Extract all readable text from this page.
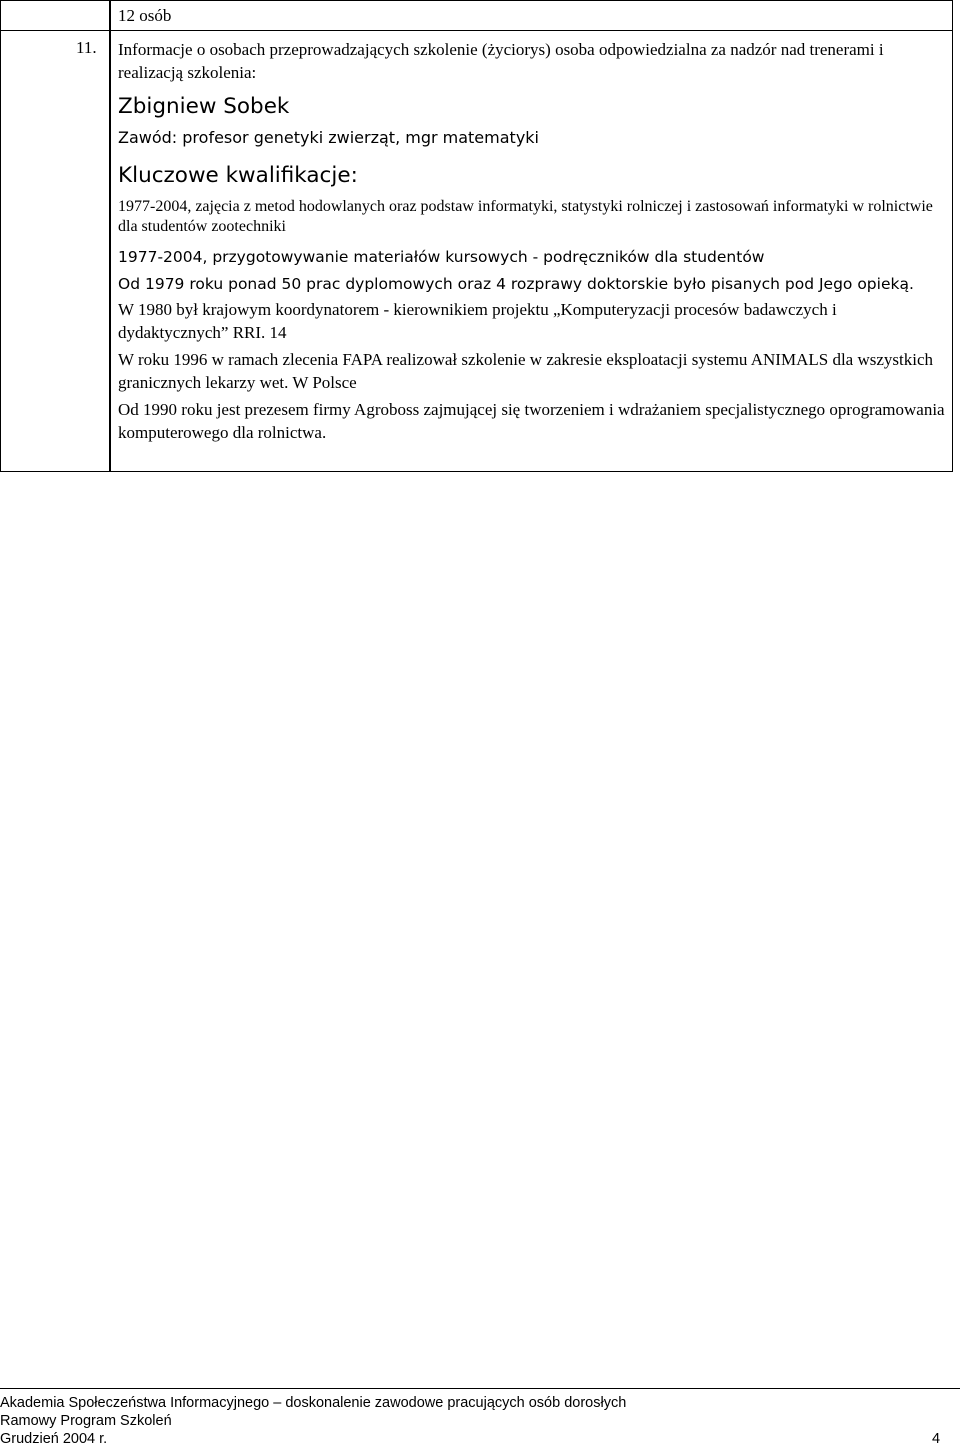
12 osób
11. Informacje o osobach przeprowadzających szkolenie (życiorys) osoba odpowiedzialna za nadzór nad trenerami i realizacją szkolenia:
Zbigniew Sobek
Zawód: profesor genetyki zwierząt, mgr matematyki
Kluczowe kwalifikacje:
1977-2004, zajęcia z metod hodowlanych oraz podstaw informatyki, statystyki rolniczej i zastosowań informatyki w rolnictwie dla studentów zootechniki
1977-2004, przygotowywanie materiałów kursowych - podręczników dla studentów
Od 1979 roku ponad 50 prac dyplomowych oraz 4 rozprawy doktorskie było pisanych pod Jego opieką.
W 1980 był krajowym koordynatorem - kierownikiem projektu „Komputeryzacji procesów badawczych i dydaktycznych” RRI. 14
W roku 1996 w ramach zlecenia FAPA realizował szkolenie w zakresie eksploatacji systemu ANIMALS dla wszystkich granicznych lekarzy wet. W Polsce
Od 1990 roku jest prezesem firmy Agroboss zajmującej się tworzeniem i wdrażaniem specjalistycznego oprogramowania komputerowego dla rolnictwa.
Akademia Społeczeństwa Informacyjnego – doskonalenie zawodowe pracujących osób dorosłych
Ramowy Program Szkoleń
Grudzień 2004 r.	4
